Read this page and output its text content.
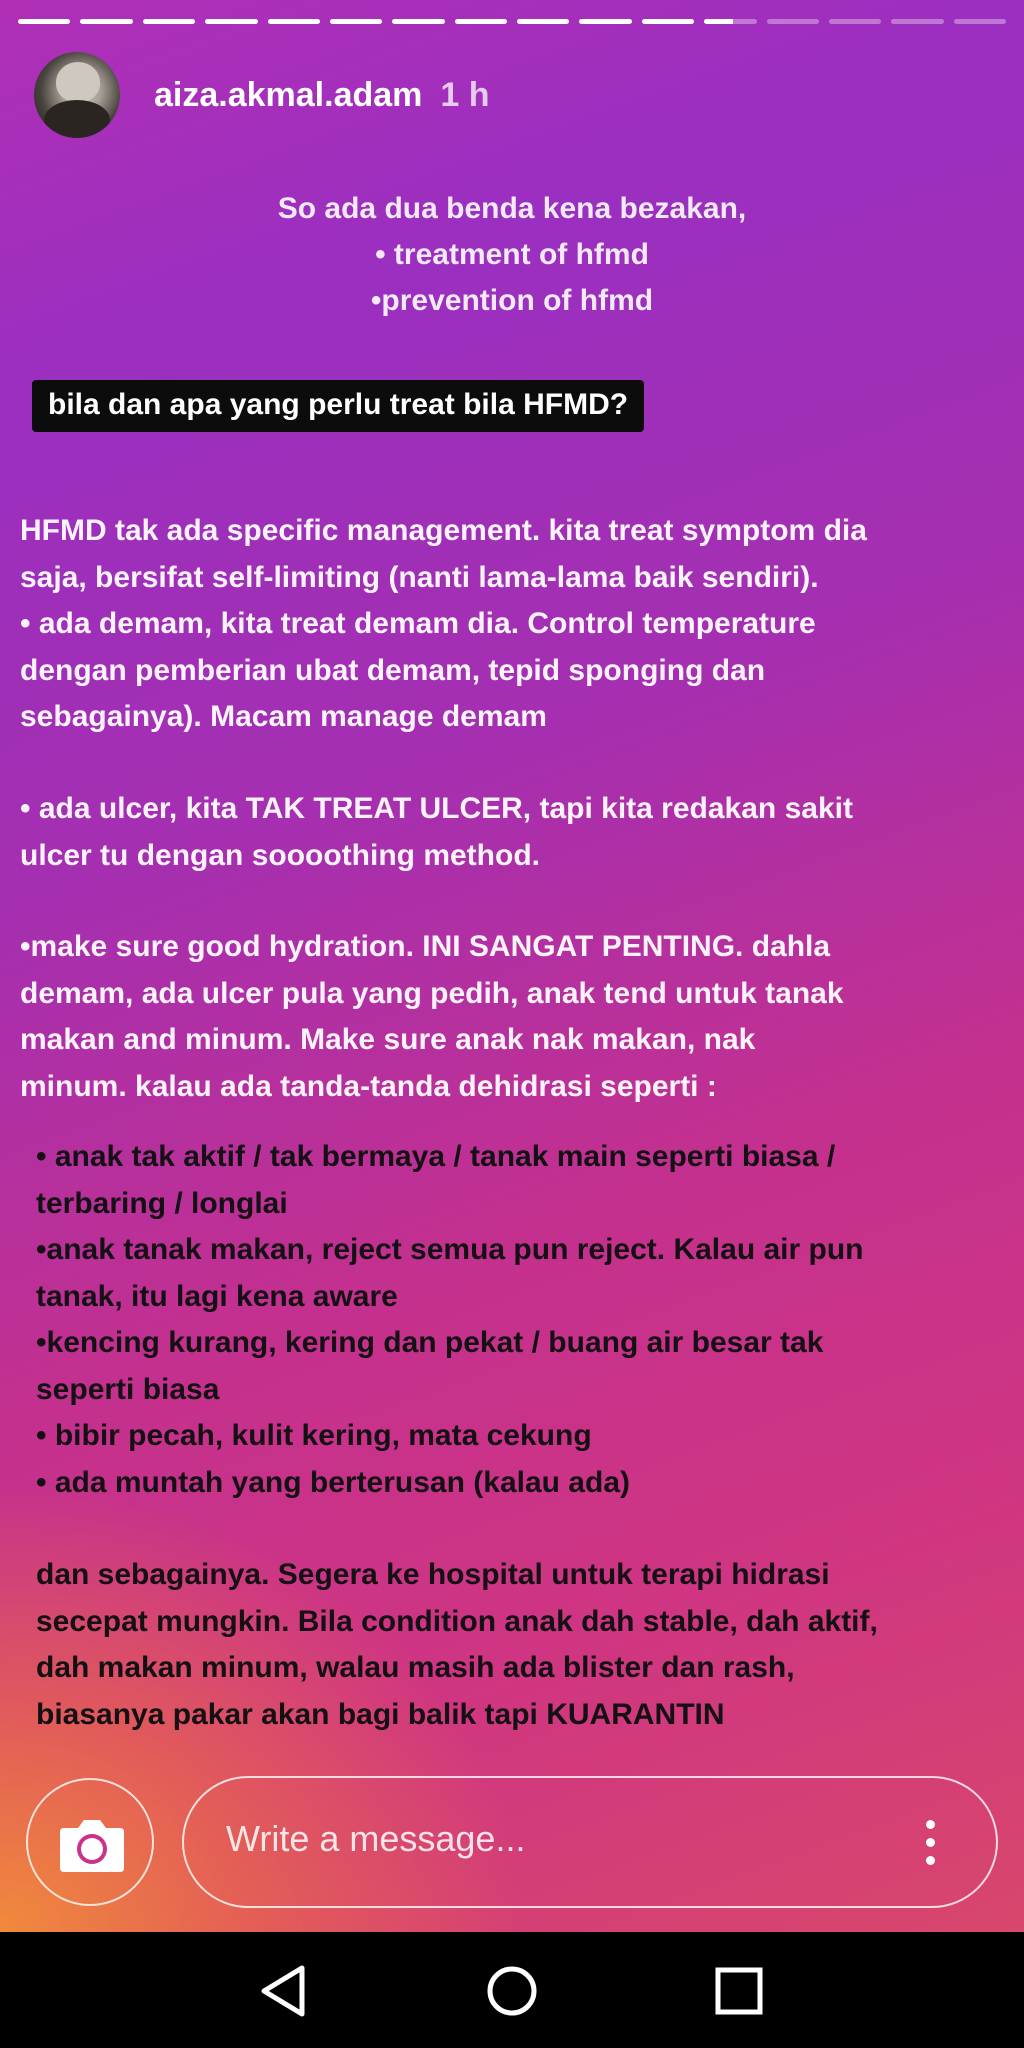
aiza.akmal.adam 1 h
So ada dua benda kena bezakan,
• treatment of hfmd
•prevention of hfmd
bila dan apa yang perlu treat bila HFMD?
HFMD tak ada specific management. kita treat symptom dia
saja, bersifat self-limiting (nanti lama-lama baik sendiri).
• ada demam, kita treat demam dia. Control temperature
dengan pemberian ubat demam, tepid sponging dan
sebagainya). Macam manage demam
• ada ulcer, kita TAK TREAT ULCER, tapi kita redakan sakit
ulcer tu dengan soooothing method.
•make sure good hydration. INI SANGAT PENTING. dahla
demam, ada ulcer pula yang pedih, anak tend untuk tanak
makan and minum. Make sure anak nak makan, nak
minum. kalau ada tanda-tanda dehidrasi seperti :
• anak tak aktif / tak bermaya / tanak main seperti biasa /
terbaring / longlai
•anak tanak makan, reject semua pun reject. Kalau air pun
tanak, itu lagi kena aware
•kencing kurang, kering dan pekat / buang air besar tak
seperti biasa
• bibir pecah, kulit kering, mata cekung
• ada muntah yang berterusan (kalau ada)
dan sebagainya. Segera ke hospital untuk terapi hidrasi
secepat mungkin. Bila condition anak dah stable, dah aktif,
dah makan minum, walau masih ada blister dan rash,
biasanya pakar akan bagi balik tapi KUARANTIN
Write a message...
